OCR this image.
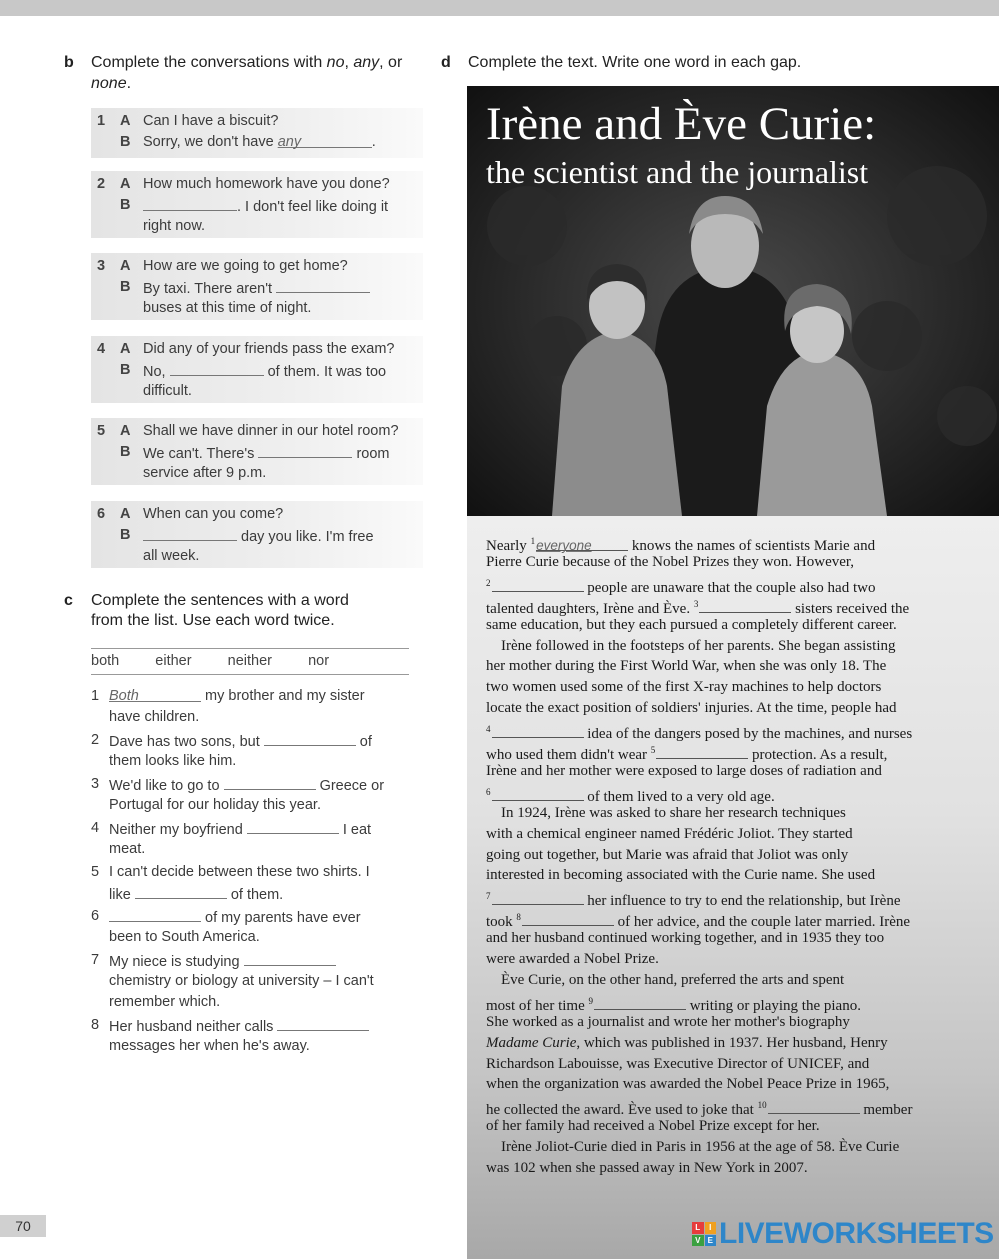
b Complete the conversations with no, any, or none.
1 A Can I have a biscuit?
B Sorry, we don't have any	.
2 A How much homework have you done?
B	. I don't feel like doing it
right now.
3 A How are we going to get home?
B By taxi. There aren't
buses at this time of night.
4 A Did any of your friends pass the exam?
B No,	of them. It was too
difficult.
5 A Shall we have dinner in our hotel room?
B We can't. There's	room
service after 9 p.m.
6 A When can you come?
B	day you like. I'm free
all week.
c Complete the sentences with a word
from the list. Use each word twice.
both   either   neither   nor
1 Both	my brother and my sister
have children.
2 Dave has two sons, but	of
them looks like him.
3 We'd like to go to	Greece or
Portugal for our holiday this year.
4 Neither my boyfriend	I eat
meat.
5 I can't decide between these two shirts. I
like	of them.
6	of my parents have ever
been to South America.
7 My niece is studying
chemistry or biology at university – I can't
remember which.
8 Her husband neither calls
messages her when he's away.
d Complete the text. Write one word in each gap.
Irène and Ève Curie:
the scientist and the journalist
Nearly $^1$everyone knows the names of scientists Marie and
Pierre Curie because of the Nobel Prizes they won. However,
$^2$	people are unaware that the couple also had two
talented daughters, Irène and Ève. $^3$	sisters received the
same education, but they each pursued a completely different career.
Irène followed in the footsteps of her parents. She began assisting
her mother during the First World War, when she was only 18. The
two women used some of the first X-ray machines to help doctors
locate the exact position of soldiers' injuries. At the time, people had
$^4$	idea of the dangers posed by the machines, and nurses
who used them didn't wear $^5$	protection. As a result,
Irène and her mother were exposed to large doses of radiation and
$^6$	of them lived to a very old age.
In 1924, Irène was asked to share her research techniques
with a chemical engineer named Frédéric Joliot. They started
going out together, but Marie was afraid that Joliot was only
interested in becoming associated with the Curie name. She used
$^7$	her influence to try to end the relationship, but Irène
took $^8$	of her advice, and the couple later married. Irène
and her husband continued working together, and in 1935 they too
were awarded a Nobel Prize.
Ève Curie, on the other hand, preferred the arts and spent
most of her time $^9$	writing or playing the piano.
She worked as a journalist and wrote her mother's biography
Madame Curie, which was published in 1937. Her husband, Henry
Richardson Labouisse, was Executive Director of UNICEF, and
when the organization was awarded the Nobel Peace Prize in 1965,
he collected the award. Ève used to joke that $^{10}$	member
of her family had received a Nobel Prize except for her.
Irène Joliot-Curie died in Paris in 1956 at the age of 58. Ève Curie
was 102 when she passed away in New York in 2007.
70	L	I
V E LIVEWORKSHEETS
